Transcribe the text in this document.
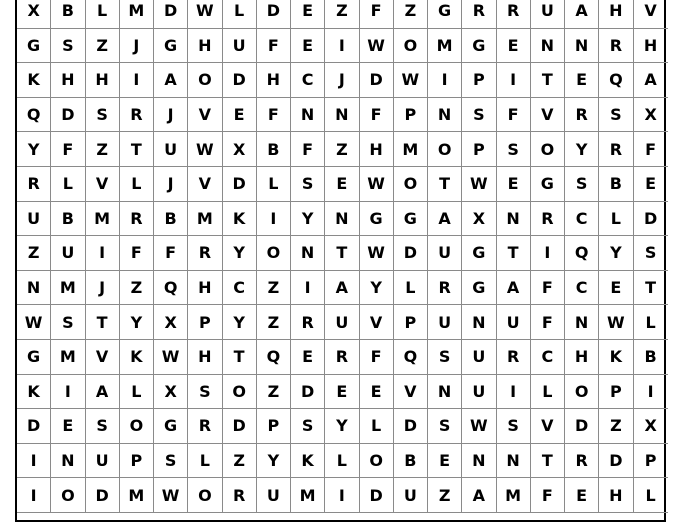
X	B	L	M	D	W	L	D	E	Z	F	Z	G	R	R	U	A	H	V
G	S	Z	J	G	H	U	F	E	I	W	O	M	G	E	N	N	R	H
K	H	H	I	A	O	D	H	C	J	D	W	I	P	I	T	E	Q	A
Q	D	S	R	J	V	E	F	N	N	F	P	N	S	F	V	R	S	X
Y	F	Z	T	U	W	X	B	F	Z	H	M	O	P	S	O	Y	R	F
R	L	V	L	J	V	D	L	S	E	W	O	T	W	E	G	S	B	E
U	B	M	R	B	M	K	I	Y	N	G	G	A	X	N	R	C	L	D
Z	U	I	F	F	R	Y	O	N	T	W	D	U	G	T	I	Q	Y	S
N	M	J	Z	Q	H	C	Z	I	A	Y	L	R	G	A	F	C	E	T
W	S	T	Y	X	P	Y	Z	R	U	V	P	U	N	U	F	N	W	L
G	M	V	K	W	H	T	Q	E	R	F	Q	S	U	R	C	H	K	B
K	I	A	L	X	S	O	Z	D	E	E	V	N	U	I	L	O	P	I
D	E	S	O	G	R	D	P	S	Y	L	D	S	W	S	V	D	Z	X
I	N	U	P	S	L	Z	Y	K	L	O	B	E	N	N	T	R	D	P
I	O	D	M	W	O	R	U	M	I	D	U	Z	A	M	F	E	H	L
